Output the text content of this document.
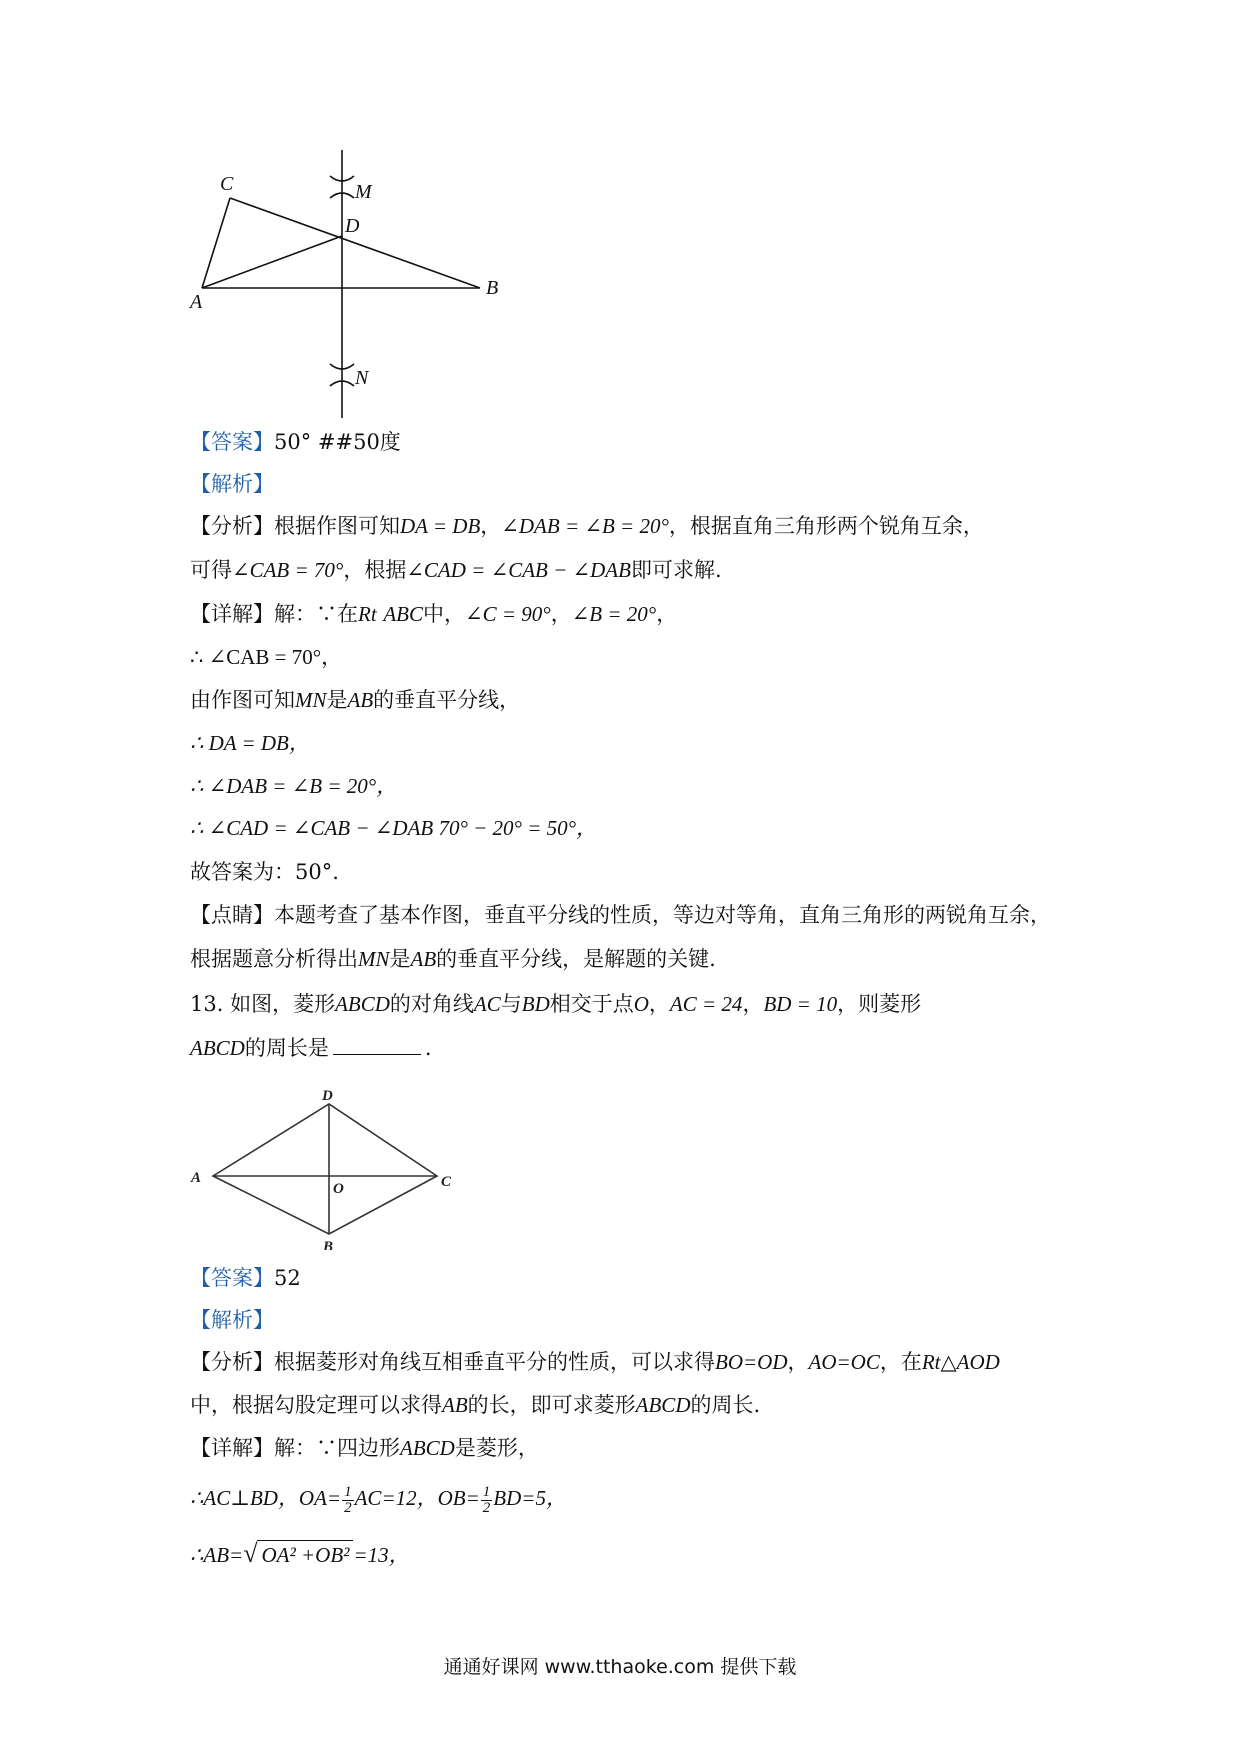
C
A
B
D
M
N
【答案】50° ##50度
【解析】
【分析】根据作图可知DA = DB，∠DAB = ∠B = 20°，根据直角三角形两个锐角互余，
可得∠CAB = 70°，根据∠CAD = ∠CAB − ∠DAB即可求解.
【详解】解：∵在Rt ABC中，∠C = 90°，∠B = 20°，
∴ ∠CAB = 70°，
由作图可知MN是AB的垂直平分线，
∴ DA = DB，
∴ ∠DAB = ∠B = 20°，
∴ ∠CAD = ∠CAB − ∠DAB 70° − 20° = 50°，
故答案为：50°.
【点睛】本题考查了基本作图，垂直平分线的性质，等边对等角，直角三角形的两锐角互余，
根据题意分析得出MN是AB的垂直平分线，是解题的关键.
13. 如图，菱形ABCD的对角线AC与BD相交于点O，AC = 24，BD = 10，则菱形
ABCD的周长是	.
A
D
C
B
O
【答案】52
【解析】
【分析】根据菱形对角线互相垂直平分的性质，可以求得BO=OD，AO=OC，在Rt△AOD
中，根据勾股定理可以求得AB的长，即可求菱形ABCD的周长.
【详解】解：∵四边形ABCD是菱形，
∴AC⊥BD，$OA= \frac{1}{2} AC=12$，$OB= \frac{1}{2} BD=5$，
∴AB=√ OA² +OB² =13，
通通好课网 www.tthaoke.com 提供下载
